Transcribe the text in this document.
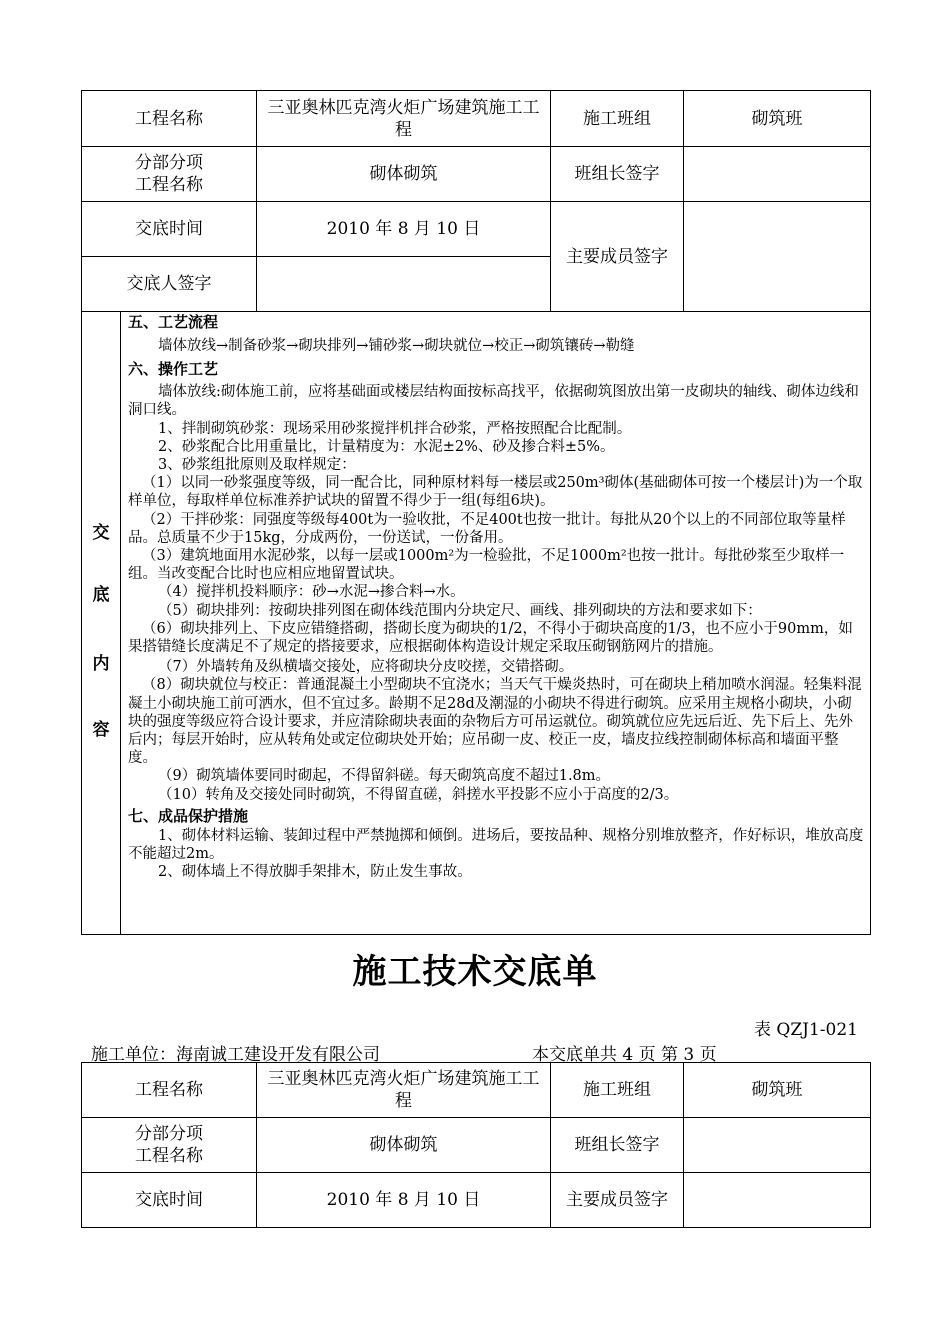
工程名称	三亚奥林匹克湾火炬广场建筑施工工程	施工班组	砌筑班

分部分项
工程名称	砌体砌筑	班组长签字	
交底时间	2010 年 8 月 10 日	主要成员签字	
交底人签字			
交
底
内
容

五、工艺流程

墙体放线→制备砂浆→砌块排列→铺砂浆→砌块就位→校正→砌筑镶砖→勒缝

六、操作工艺

墙体放线:砌体施工前，应将基础面或楼层结构面按标高找平，依据砌筑图放出第一皮砌块的轴线、砌体边线和洞口线。

1、拌制砌筑砂浆：现场采用砂浆搅拌机拌合砂浆，严格按照配合比配制。

2、砂浆配合比用重量比，计量精度为：水泥±2%、砂及掺合料±5%。

3、砂浆组批原则及取样规定：

（1）以同一砂浆强度等级，同一配合比，同种原材料每一楼层或250m³砌体(基础砌体可按一个楼层计)为一个取样单位，每取样单位标准养护试块的留置不得少于一组(每组6块)。

（2）干拌砂浆：同强度等级每400t为一验收批，不足400t也按一批计。每批从20个以上的不同部位取等量样品。总质量不少于15kg，分成两份，一份送试，一份备用。

（3）建筑地面用水泥砂浆，以每一层或1000m²为一检验批，不足1000m²也按一批计。每批砂浆至少取样一组。当改变配合比时也应相应地留置试块。

（4）搅拌机投料顺序：砂→水泥→掺合料→水。

（5）砌块排列：按砌块排列图在砌体线范围内分块定尺、画线、排列砌块的方法和要求如下：

（6）砌块排列上、下皮应错缝搭砌，搭砌长度为砌块的1/2，不得小于砌块高度的1/3，也不应小于90mm，如果搭错缝长度满足不了规定的搭接要求，应根据砌体构造设计规定采取压砌钢筋网片的措施。

（7）外墙转角及纵横墙交接处，应将砌块分皮咬搓，交错搭砌。

（8）砌块就位与校正：普通混凝土小型砌块不宜浇水；当天气干燥炎热时，可在砌块上稍加喷水润湿。轻集料混凝土小砌块施工前可洒水，但不宜过多。龄期不足28d及潮湿的小砌块不得进行砌筑。应采用主规格小砌块，小砌块的强度等级应符合设计要求，并应清除砌块表面的杂物后方可吊运就位。砌筑就位应先远后近、先下后上、先外后内；每层开始时，应从转角处或定位砌块处开始；应吊砌一皮、校正一皮，墙皮拉线控制砌体标高和墙面平整度。

（9）砌筑墙体要同时砌起，不得留斜磋。每天砌筑高度不超过1.8m。

（10）转角及交接处同时砌筑，不得留直磋，斜搓水平投影不应小于高度的2/3。

七、成品保护措施

1、砌体材料运输、装卸过程中严禁抛掷和倾倒。进场后，要按品种、规格分别堆放整齐，作好标识，堆放高度不能超过2m。

2、砌体墙上不得放脚手架排木，防止发生事故。

施工技术交底单
表 QZJ1-021
施工单位：海南诚工建设开发有限公司	本交底单共 4 页 第 3 页
工程名称	三亚奥林匹克湾火炬广场建筑施工工程	施工班组	砌筑班

分部分项
工程名称	砌体砌筑	班组长签字	
交底时间	2010 年 8 月 10 日	主要成员签字	
